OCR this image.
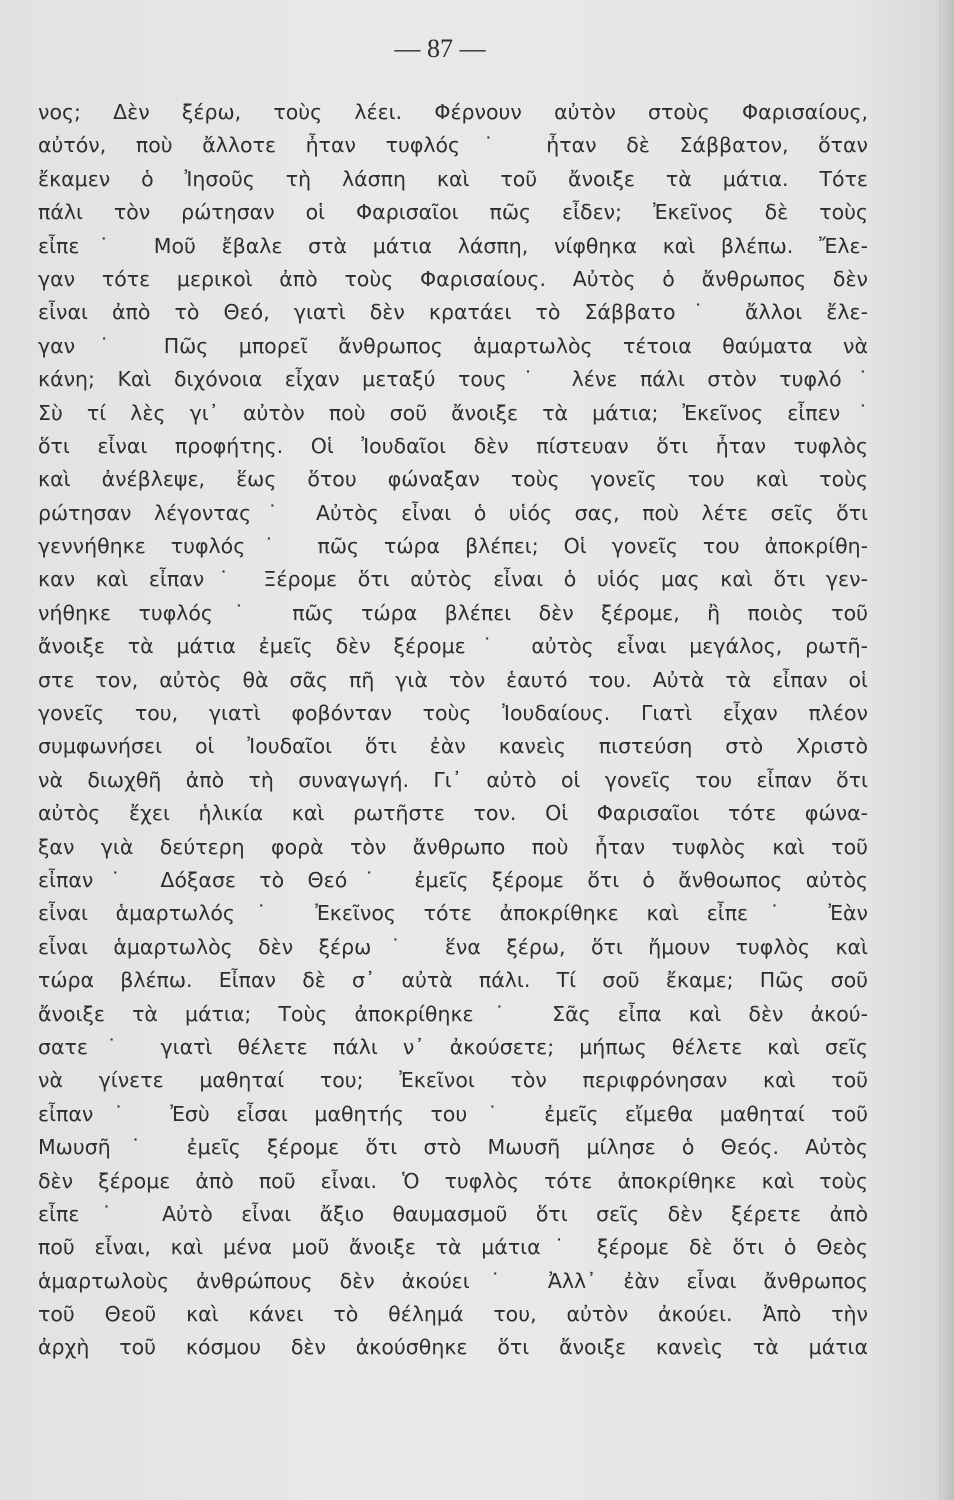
— 87 —
νος; Δὲν ξέρω, τοὺς λέει. Φέρνουν αὐτὸν στοὺς Φαρισαίους,
αὐτόν, ποὺ ἄλλοτε ἦταν τυφλός˙ ἦταν δὲ Σάββατον, ὅταν
ἔκαμεν ὁ Ἰησοῦς τὴ λάσπη καὶ τοῦ ἄνοιξε τὰ μάτια. Τότε
πάλι τὸν ρώτησαν οἱ Φαρισαῖοι πῶς εἶδεν; Ἐκεῖνος δὲ τοὺς
εἶπε˙ Μοῦ ἔβαλε στὰ μάτια λάσπη, νίφθηκα καὶ βλέπω. Ἔλε-
γαν τότε μερικοὶ ἀπὸ τοὺς Φαρισαίους. Αὐτὸς ὁ ἄνθρωπος δὲν
εἶναι ἀπὸ τὸ Θεό, γιατὶ δὲν κρατάει τὸ Σάββατο˙ ἄλλοι ἔλε-
γαν˙ Πῶς μπορεῖ ἄνθρωπος ἁμαρτωλὸς τέτοια θαύματα νὰ
κάνη; Καὶ διχόνοια εἶχαν μεταξύ τους˙ λένε πάλι στὸν τυφλό˙
Σὺ τί λὲς γι᾽ αὐτὸν ποὺ σοῦ ἄνοιξε τὰ μάτια; Ἐκεῖνος εἶπεν˙
ὅτι εἶναι προφήτης. Οἱ Ἰουδαῖοι δὲν πίστευαν ὅτι ἦταν τυφλὸς
καὶ ἀνέβλεψε, ἕως ὅτου φώναξαν τοὺς γονεῖς του καὶ τοὺς
ρώτησαν λέγοντας˙ Αὐτὸς εἶναι ὁ υἱός σας, ποὺ λέτε σεῖς ὅτι
γεννήθηκε τυφλός˙ πῶς τώρα βλέπει; Οἱ γονεῖς του ἀποκρίθη-
καν καὶ εἶπαν˙ Ξέρομε ὅτι αὐτὸς εἶναι ὁ υἱός μας καὶ ὅτι γεν-
νήθηκε τυφλός˙ πῶς τώρα βλέπει δὲν ξέρομε, ἢ ποιὸς τοῦ
ἄνοιξε τὰ μάτια ἐμεῖς δὲν ξέρομε˙ αὐτὸς εἶναι μεγάλος, ρωτῆ-
στε τον, αὐτὸς θὰ σᾶς πῆ γιὰ τὸν ἑαυτό του. Αὐτὰ τὰ εἶπαν οἱ
γονεῖς του, γιατὶ φοβόνταν τοὺς Ἰουδαίους. Γιατὶ εἶχαν πλέον
συμφωνήσει οἱ Ἰουδαῖοι ὅτι ἐὰν κανεὶς πιστεύση στὸ Χριστὸ
νὰ διωχθῆ ἀπὸ τὴ συναγωγή. Γι᾽ αὐτὸ οἱ γονεῖς του εἶπαν ὅτι
αὐτὸς ἔχει ἡλικία καὶ ρωτῆστε τον. Οἱ Φαρισαῖοι τότε φώνα-
ξαν γιὰ δεύτερη φορὰ τὸν ἄνθρωπο ποὺ ἦταν τυφλὸς καὶ τοῦ
εἶπαν˙ Δόξασε τὸ Θεό˙ ἐμεῖς ξέρομε ὅτι ὁ ἄνθοωπος αὐτὸς
εἶναι ἁμαρτωλός˙ Ἐκεῖνος τότε ἀποκρίθηκε καὶ εἶπε˙ Ἐὰν
εἶναι ἁμαρτωλὸς δὲν ξέρω˙ ἕνα ξέρω, ὅτι ἤμουν τυφλὸς καὶ
τώρα βλέπω. Εἶπαν δὲ σ᾽ αὐτὰ πάλι. Τί σοῦ ἔκαμε; Πῶς σοῦ
ἄνοιξε τὰ μάτια; Τοὺς ἀποκρίθηκε˙ Σᾶς εἶπα καὶ δὲν ἀκού-
σατε˙ γιατὶ θέλετε πάλι ν᾽ ἀκούσετε; μήπως θέλετε καὶ σεῖς
νὰ γίνετε μαθηταί του; Ἐκεῖνοι τὸν περιφρόνησαν καὶ τοῦ
εἶπαν˙ Ἐσὺ εἶσαι μαθητής του˙ ἐμεῖς εἴμεθα μαθηταί τοῦ
Μωυσῆ˙ ἐμεῖς ξέρομε ὅτι στὸ Μωυσῆ μίλησε ὁ Θεός. Αὐτὸς
δὲν ξέρομε ἀπὸ ποῦ εἶναι. Ὁ τυφλὸς τότε ἀποκρίθηκε καὶ τοὺς
εἶπε˙ Αὐτὸ εἶναι ἄξιο θαυμασμοῦ ὅτι σεῖς δὲν ξέρετε ἀπὸ
ποῦ εἶναι, καὶ μένα μοῦ ἄνοιξε τὰ μάτια˙ ξέρομε δὲ ὅτι ὁ Θεὸς
ἁμαρτωλοὺς ἀνθρώπους δὲν ἀκούει˙ Ἀλλ᾽ ἐὰν εἶναι ἄνθρωπος
τοῦ Θεοῦ καὶ κάνει τὸ θέλημά του, αὐτὸν ἀκούει. Ἀπὸ τὴν
ἀρχὴ τοῦ κόσμου δὲν ἀκούσθηκε ὅτι ἄνοιξε κανεὶς τὰ μάτια
